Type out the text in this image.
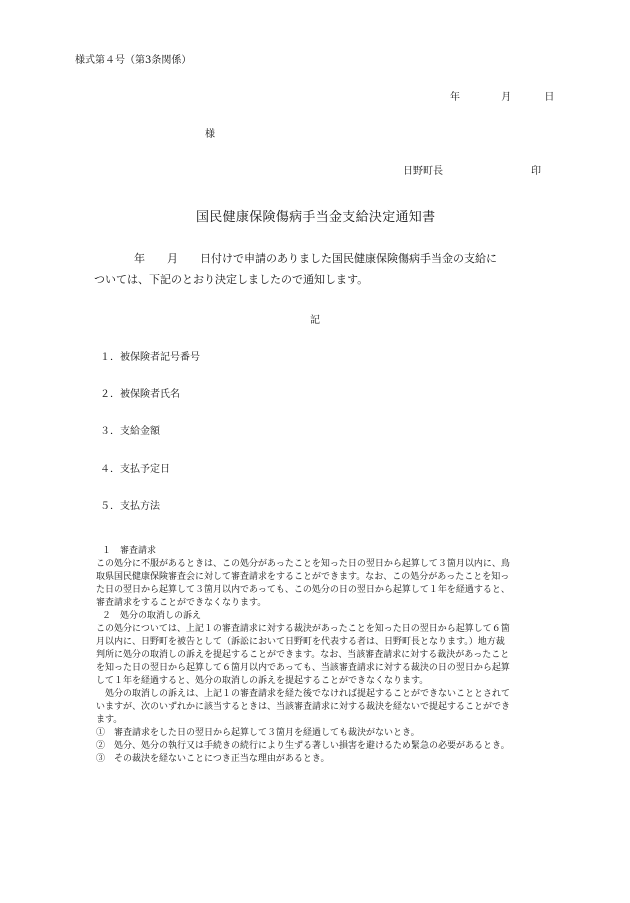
様式第４号（第3条関係）
年	月	日
様
日野町長	印
国民健康保険傷病手当金支給決定通知書
年　　月　　日付けで申請のありました国民健康保険傷病手当金の支給に
ついては、下記のとおり決定しましたので通知します。
記
１．被保険者記号番号
２．被保険者氏名
３．支給金額
４．支払予定日
５．支払方法
１　審査請求
この処分に不服があるときは、この処分があったことを知った日の翌日から起算して３箇月以内に、鳥
取県国民健康保険審査会に対して審査請求をすることができます。なお、この処分があったことを知っ
た日の翌日から起算して３箇月以内であっても、この処分の日の翌日から起算して１年を経過すると、
審査請求をすることができなくなります。
２　処分の取消しの訴え
この処分については、上記１の審査請求に対する裁決があったことを知った日の翌日から起算して６箇
月以内に、日野町を被告として（訴訟において日野町を代表する者は、日野町長となります。）地方裁
判所に処分の取消しの訴えを提起することができます。なお、当該審査請求に対する裁決があったこと
を知った日の翌日から起算して６箇月以内であっても、当該審査請求に対する裁決の日の翌日から起算
して１年を経過すると、処分の取消しの訴えを提起することができなくなります。
処分の取消しの訴えは、上記１の審査請求を経た後でなければ提起することができないこととされて
いますが、次のいずれかに該当するときは、当該審査請求に対する裁決を経ないで提起することができ
ます。
①　審査請求をした日の翌日から起算して３箇月を経過しても裁決がないとき。
②　処分、処分の執行又は手続きの続行により生ずる著しい損害を避けるため緊急の必要があるとき。
③　その裁決を経ないことにつき正当な理由があるとき。
